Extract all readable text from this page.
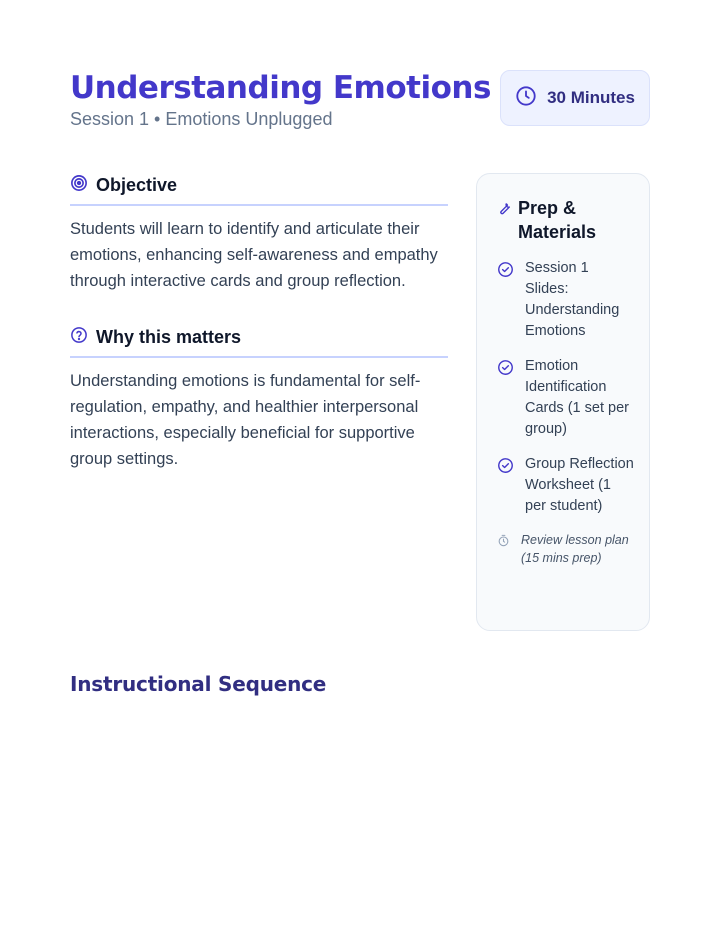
Understanding Emotions
Session 1 • Emotions Unplugged
30 Minutes
Objective

Students will learn to identify and articulate their emotions, enhancing self-awareness and empathy through interactive cards and group reflection.

Why this matters

Understanding emotions is fundamental for self-regulation, empathy, and healthier interpersonal interactions, especially beneficial for supportive group settings.

Prep & Materials
Session 1 Slides: Understanding Emotions
Emotion Identification Cards (1 set per group)
Group Reflection Worksheet (1 per student)
Review lesson plan (15 mins prep)
Instructional Sequence
